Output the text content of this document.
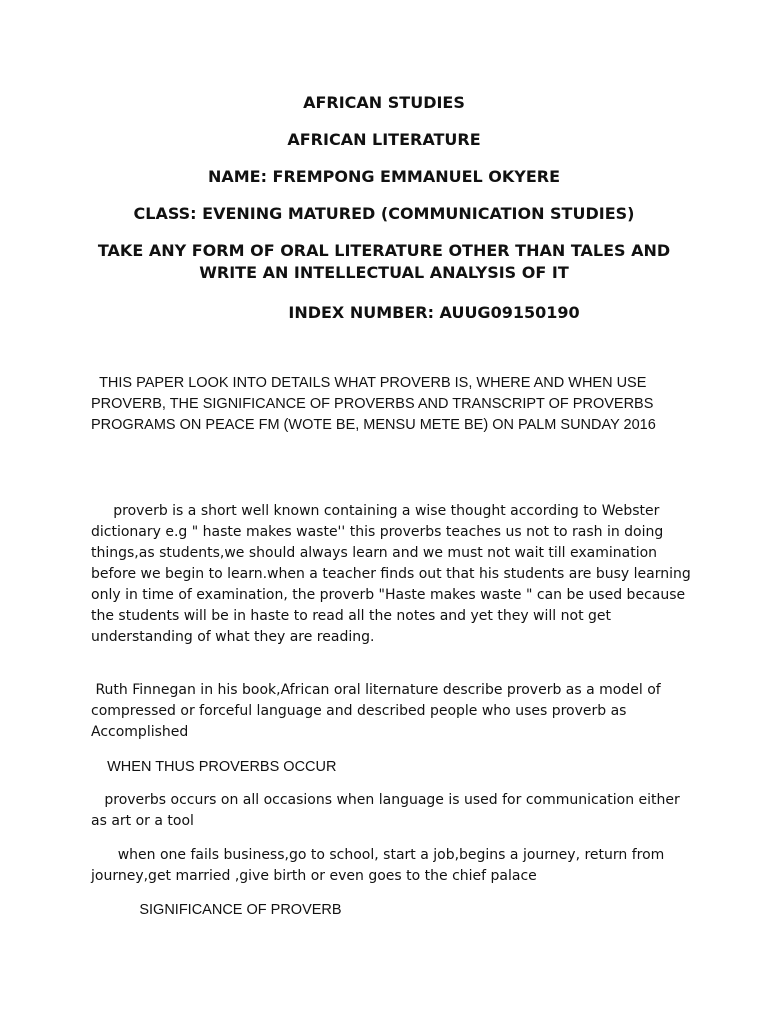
AFRICAN STUDIES

AFRICAN LITERATURE

NAME: FREMPONG EMMANUEL OKYERE

CLASS: EVENING MATURED (COMMUNICATION STUDIES)

TAKE ANY FORM OF ORAL LITERATURE OTHER THAN TALES AND WRITE AN INTELLECTUAL ANALYSIS OF IT

INDEX NUMBER: AUUG09150190

THIS PAPER LOOK INTO DETAILS WHAT PROVERB IS, WHERE AND WHEN USE PROVERB, THE SIGNIFICANCE OF PROVERBS AND TRANSCRIPT OF PROVERBS PROGRAMS ON PEACE FM (WOTE BE, MENSU METE BE) ON PALM SUNDAY 2016

proverb is a short well known containing a wise thought according to Webster dictionary e.g " haste makes waste'' this proverbs teaches us not to rash in doing things,as students,we should always learn and we must not wait till examination before we begin to learn.when a teacher finds out that his students are busy learning only in time of examination, the proverb "Haste makes waste " can be used because the students will be in haste to read all the notes and yet they will not get understanding of what they are reading.

Ruth Finnegan in his book,African oral liternature describe proverb as a model of compressed or forceful language and described people who uses proverb as Accomplished

WHEN THUS PROVERBS OCCUR

proverbs occurs on all occasions when language is used for communication either as art or a tool

when one fails business,go to school, start a job,begins a journey, return from journey,get married ,give birth or even goes to the chief palace

SIGNIFICANCE OF PROVERB
